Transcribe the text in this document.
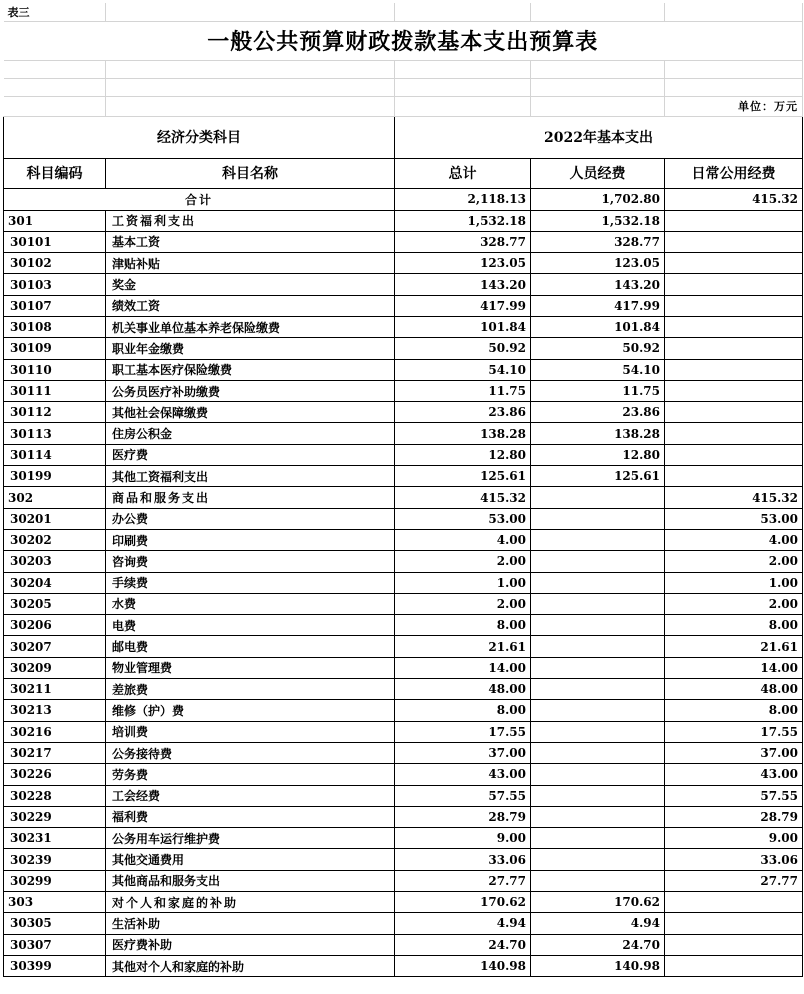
表三				
一般公共预算财政拨款基本支出预算表				

				单位：万元
经济分类科目		2022年基本支出		
科目编码	科目名称	总计	人员经费	日常公用经费
合计		2,118.13	1,702.80	415.32
301	工资福利支出	1,532.18	1,532.18	
30101	基本工资	328.77	328.77	
30102	津贴补贴	123.05	123.05	
30103	奖金	143.20	143.20	
30107	绩效工资	417.99	417.99	
30108	机关事业单位基本养老保险缴费	101.84	101.84	
30109	职业年金缴费	50.92	50.92	
30110	职工基本医疗保险缴费	54.10	54.10	
30111	公务员医疗补助缴费	11.75	11.75	
30112	其他社会保障缴费	23.86	23.86	
30113	住房公积金	138.28	138.28	
30114	医疗费	12.80	12.80	
30199	其他工资福利支出	125.61	125.61	
302	商品和服务支出	415.32		415.32
30201	办公费	53.00		53.00
30202	印刷费	4.00		4.00
30203	咨询费	2.00		2.00
30204	手续费	1.00		1.00
30205	水费	2.00		2.00
30206	电费	8.00		8.00
30207	邮电费	21.61		21.61
30209	物业管理费	14.00		14.00
30211	差旅费	48.00		48.00
30213	维修（护）费	8.00		8.00
30216	培训费	17.55		17.55
30217	公务接待费	37.00		37.00
30226	劳务费	43.00		43.00
30228	工会经费	57.55		57.55
30229	福利费	28.79		28.79
30231	公务用车运行维护费	9.00		9.00
30239	其他交通费用	33.06		33.06
30299	其他商品和服务支出	27.77		27.77
303	对个人和家庭的补助	170.62	170.62	
30305	生活补助	4.94	4.94	
30307	医疗费补助	24.70	24.70	
30399	其他对个人和家庭的补助	140.98	140.98	
